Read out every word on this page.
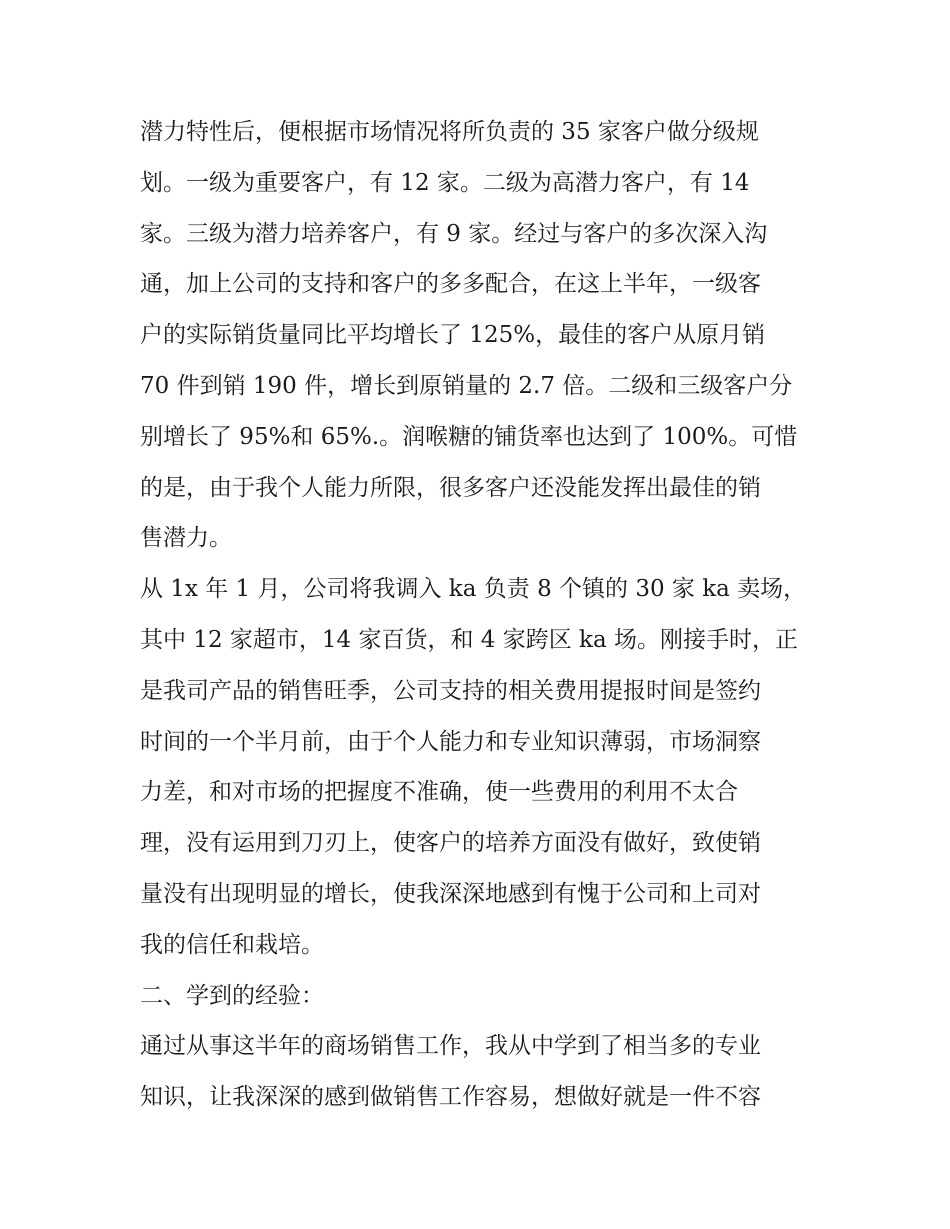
潜力特性后，便根据市场情况将所负责的 35 家客户做分级规
划。一级为重要客户，有 12 家。二级为高潜力客户，有 14
家。三级为潜力培养客户，有 9 家。经过与客户的多次深入沟
通，加上公司的支持和客户的多多配合，在这上半年，一级客
户的实际销货量同比平均增长了 125%，最佳的客户从原月销
70 件到销 190 件，增长到原销量的 2.7 倍。二级和三级客户分
别增长了 95%和 65%.。润喉糖的铺货率也达到了 100%。可惜
的是，由于我个人能力所限，很多客户还没能发挥出最佳的销
售潜力。
从 1x 年 1 月，公司将我调入 ka 负责 8 个镇的 30 家 ka 卖场，
其中 12 家超市，14 家百货，和 4 家跨区 ka 场。刚接手时，正
是我司产品的销售旺季，公司支持的相关费用提报时间是签约
时间的一个半月前，由于个人能力和专业知识薄弱，市场洞察
力差，和对市场的把握度不准确，使一些费用的利用不太合
理，没有运用到刀刃上，使客户的培养方面没有做好，致使销
量没有出现明显的增长，使我深深地感到有愧于公司和上司对
我的信任和栽培。
二、学到的经验：
通过从事这半年的商场销售工作，我从中学到了相当多的专业
知识，让我深深的感到做销售工作容易，想做好就是一件不容
